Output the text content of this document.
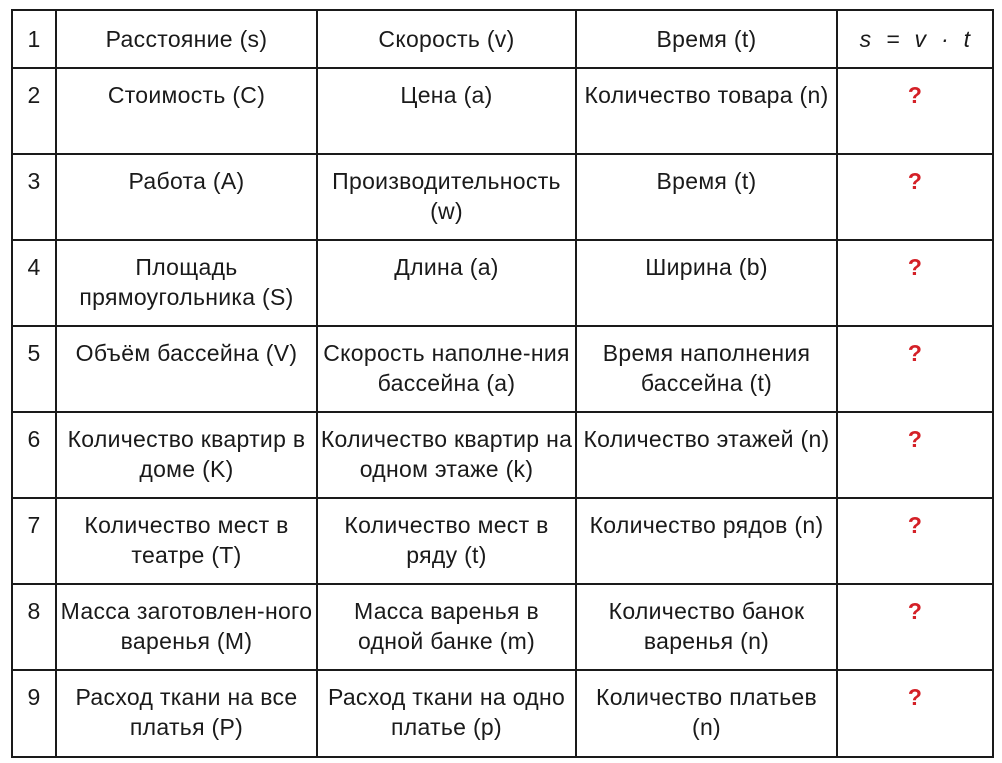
1	Расстояние (s)	Скорость (v)	Время (t)	s = v · t
2	Стоимость (C)	Цена (a)	Количество товара (n)	?
3	Работа (A)	Производительность (w)	Время (t)	?
4	Площадь прямоугольника (S)	Длина (a)	Ширина (b)	?
5	Объём бассейна (V)	Скорость наполне-ния бассейна (a)	Время наполнения бассейна (t)	?
6	Количество квартир в доме (K)	Количество квартир на одном этаже (k)	Количество этажей (n)	?
7	Количество мест в театре (T)	Количество мест в ряду (t)	Количество рядов (n)	?
8	Масса заготовлен-ного варенья (M)	Масса варенья в одной банке (m)	Количество банок варенья (n)	?
9	Расход ткани на все платья (P)	Расход ткани на одно платье (p)	Количество платьев (n)	?
